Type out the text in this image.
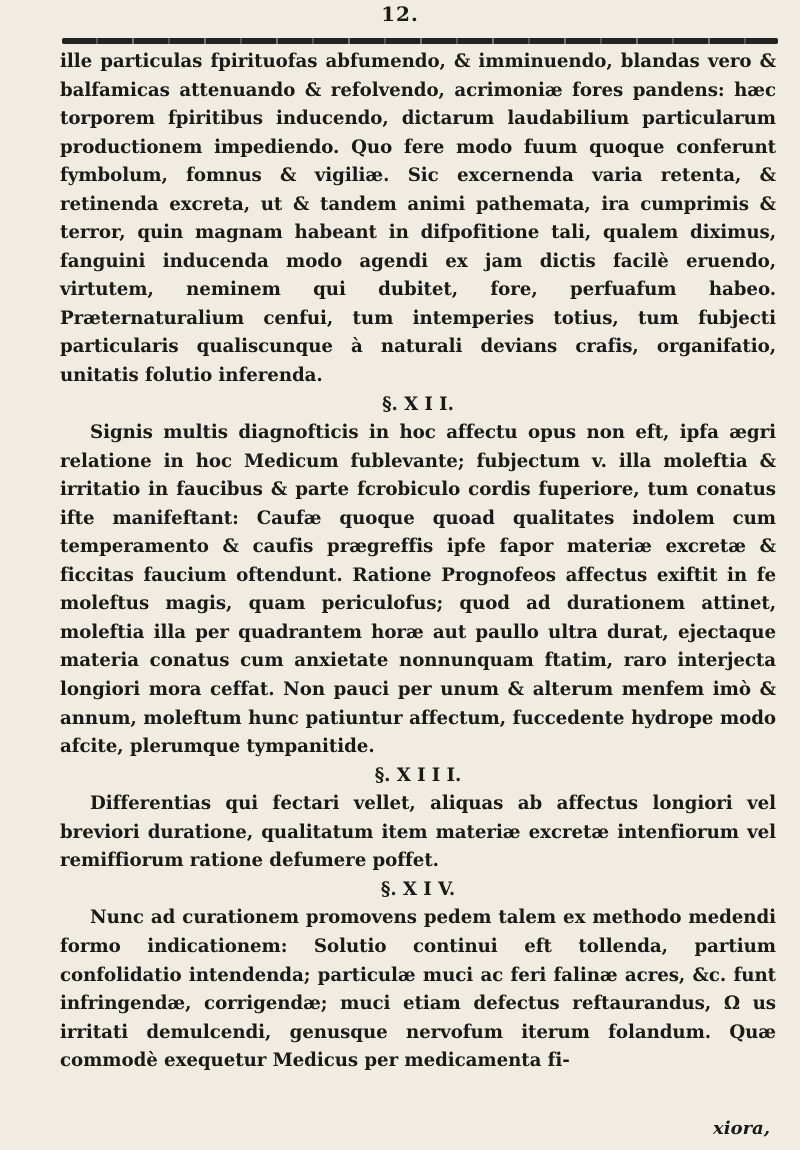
12.

ille particulas fpirituofas abfumendo, & imminuendo, blandas vero & balfamicas attenuando & refolvendo, acrimoniæ fores pandens: hæc torporem fpiritibus inducendo, dictarum laudabilium particularum productionem impediendo. Quo fere modo fuum quoque conferunt fymbolum, fomnus & vigiliæ. Sic excernenda varia retenta, & retinenda excreta, ut & tandem animi pathemata, ira cumprimis & terror, quin magnam habeant in difpofitione tali, qualem diximus, fanguini inducenda modo agendi ex jam dictis facilè eruendo, virtutem, neminem qui dubitet, fore, perfuafum habeo. Præternaturalium cenfui, tum intemperies totius, tum fubjecti particularis qualiscunque à naturali devians crafis, organifatio, unitatis folutio inferenda.

§. X I I.

Signis multis diagnofticis in hoc affectu opus non eft, ipfa ægri relatione in hoc Medicum fublevante; fubjectum v. illa moleftia & irritatio in faucibus & parte fcrobiculo cordis fuperiore, tum conatus ifte manifeftant: Caufæ quoque quoad qualitates indolem cum temperamento & caufis prægreffis ipfe fapor materiæ excretæ & ficcitas faucium oftendunt. Ratione Prognofeos affectus exiftit in fe moleftus magis, quam periculofus; quod ad durationem attinet, moleftia illa per quadrantem horæ aut paullo ultra durat, ejectaque materia conatus cum anxietate nonnunquam ftatim, raro interjecta longiori mora ceffat. Non pauci per unum & alterum menfem imò & annum, moleftum hunc patiuntur affectum, fuccedente hydrope modo afcite, plerumque tympanitide.

§. X I I I.

Differentias qui fectari vellet, aliquas ab affectus longiori vel breviori duratione, qualitatum item materiæ excretæ intenfiorum vel remiffiorum ratione defumere poffet.

§. X I V.

Nunc ad curationem promovens pedem talem ex methodo medendi formo indicationem: Solutio continui eft tollenda, partium confolidatio intendenda; particulæ muci ac feri falinæ acres, &c. funt infringendæ, corrigendæ; muci etiam defectus reftaurandus, Ω us irritati demulcendi, genusque nervofum iterum folandum. Quæ commodè exequetur Medicus per medicamenta fi-

xiora,
